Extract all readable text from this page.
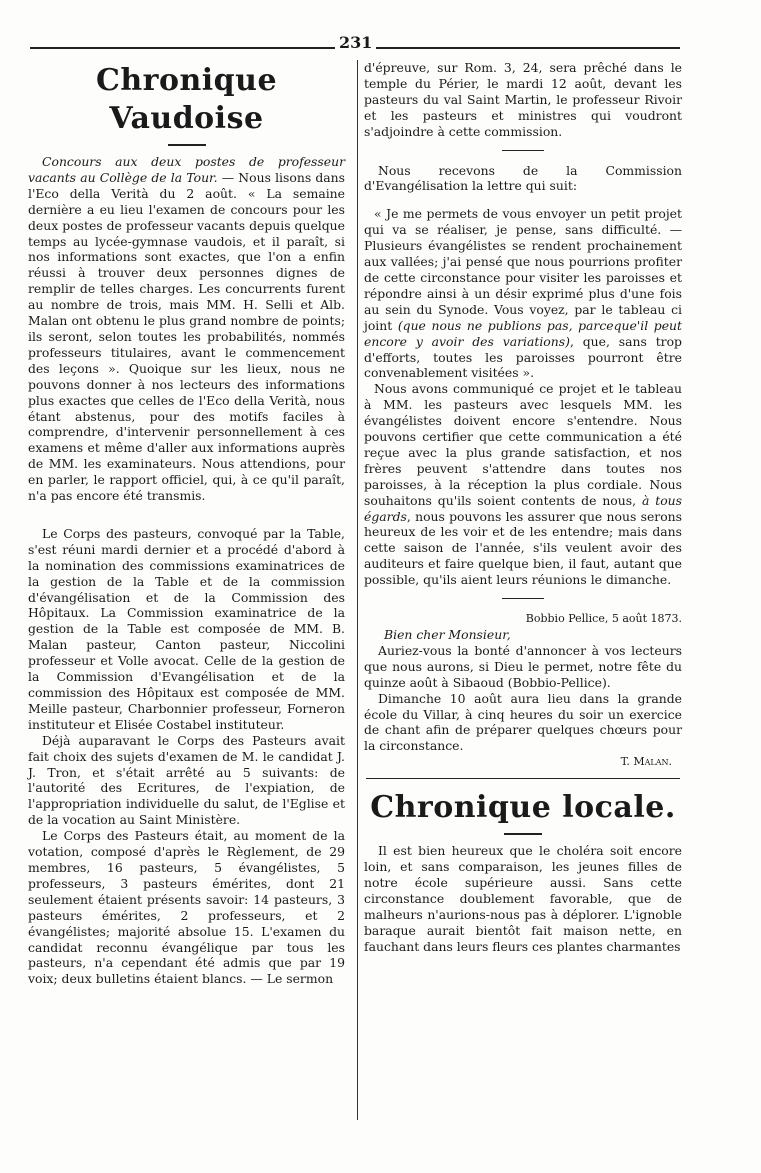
231
Chronique Vaudoise

Concours aux deux postes de professeur vacants au Collège de la Tour. — Nous lisons dans l'Eco della Verità du 2 août. « La semaine dernière a eu lieu l'examen de concours pour les deux postes de professeur vacants depuis quelque temps au lycée-gymnase vaudois, et il paraît, si nos informations sont exactes, que l'on a enfin réussi à trouver deux personnes dignes de remplir de telles charges. Les concurrents furent au nombre de trois, mais MM. H. Selli et Alb. Malan ont obtenu le plus grand nombre de points; ils seront, selon toutes les probabilités, nommés professeurs titulaires, avant le commencement des leçons ». Quoique sur les lieux, nous ne pouvons donner à nos lecteurs des informations plus exactes que celles de l'Eco della Verità, nous étant abstenus, pour des motifs faciles à comprendre, d'intervenir personnellement à ces examens et même d'aller aux informations auprès de MM. les examinateurs. Nous attendions, pour en parler, le rapport officiel, qui, à ce qu'il paraît, n'a pas encore été transmis.

Le Corps des pasteurs, convoqué par la Table, s'est réuni mardi dernier et a procédé d'abord à la nomination des commissions examinatrices de la gestion de la Table et de la commission d'évangélisation et de la Commission des Hôpitaux. La Commission examinatrice de la gestion de la Table est composée de MM. B. Malan pasteur, Canton pasteur, Niccolini professeur et Volle avocat. Celle de la gestion de la Commission d'Evangélisation et de la commission des Hôpitaux est composée de MM. Meille pasteur, Charbonnier professeur, Forneron instituteur et Elisée Costabel instituteur.

Déjà auparavant le Corps des Pasteurs avait fait choix des sujets d'examen de M. le candidat J. J. Tron, et s'était arrêté au 5 suivants: de l'autorité des Ecritures, de l'expiation, de l'appropriation individuelle du salut, de l'Eglise et de la vocation au Saint Ministère.

Le Corps des Pasteurs était, au moment de la votation, composé d'après le Règlement, de 29 membres, 16 pasteurs, 5 évangélistes, 5 professeurs, 3 pasteurs émérites, dont 21 seulement étaient présents savoir: 14 pasteurs, 3 pasteurs émérites, 2 professeurs, et 2 évangélistes; majorité absolue 15. L'examen du candidat reconnu évangélique par tous les pasteurs, n'a cependant été admis que par 19 voix; deux bulletins étaient blancs. — Le sermon

d'épreuve, sur Rom. 3, 24, sera prêché dans le temple du Périer, le mardi 12 août, devant les pasteurs du val Saint Martin, le professeur Rivoir et les pasteurs et ministres qui voudront s'adjoindre à cette commission.

Nous recevons de la Commission d'Evangélisation la lettre qui suit:

« Je me permets de vous envoyer un petit projet qui va se réaliser, je pense, sans difficulté. — Plusieurs évangélistes se rendent prochainement aux vallées; j'ai pensé que nous pourrions profiter de cette circonstance pour visiter les paroisses et répondre ainsi à un désir exprimé plus d'une fois au sein du Synode. Vous voyez, par le tableau ci joint (que nous ne publions pas, parceque'il peut encore y avoir des variations), que, sans trop d'efforts, toutes les paroisses pourront être convenablement visitées ».

Nous avons communiqué ce projet et le tableau à MM. les pasteurs avec lesquels MM. les évangélistes doivent encore s'entendre. Nous pouvons certifier que cette communication a été reçue avec la plus grande satisfaction, et nos frères peuvent s'attendre dans toutes nos paroisses, à la réception la plus cordiale. Nous souhaitons qu'ils soient contents de nous, à tous égards, nous pouvons les assurer que nous serons heureux de les voir et de les entendre; mais dans cette saison de l'année, s'ils veulent avoir des auditeurs et faire quelque bien, il faut, autant que possible, qu'ils aient leurs réunions le dimanche.

Bobbio Pellice, 5 août 1873.
Bien cher Monsieur,

Auriez-vous la bonté d'annoncer à vos lecteurs que nous aurons, si Dieu le permet, notre fête du quinze août à Sibaoud (Bobbio-Pellice).

Dimanche 10 août aura lieu dans la grande école du Villar, à cinq heures du soir un exercice de chant afin de préparer quelques chœurs pour la circonstance.

T. Malan.
Chronique locale.

Il est bien heureux que le choléra soit encore loin, et sans comparaison, les jeunes filles de notre école supérieure aussi. Sans cette circonstance doublement favorable, que de malheurs n'aurions-nous pas à déplorer. L'ignoble baraque aurait bientôt fait maison nette, en fauchant dans leurs fleurs ces plantes charmantes
